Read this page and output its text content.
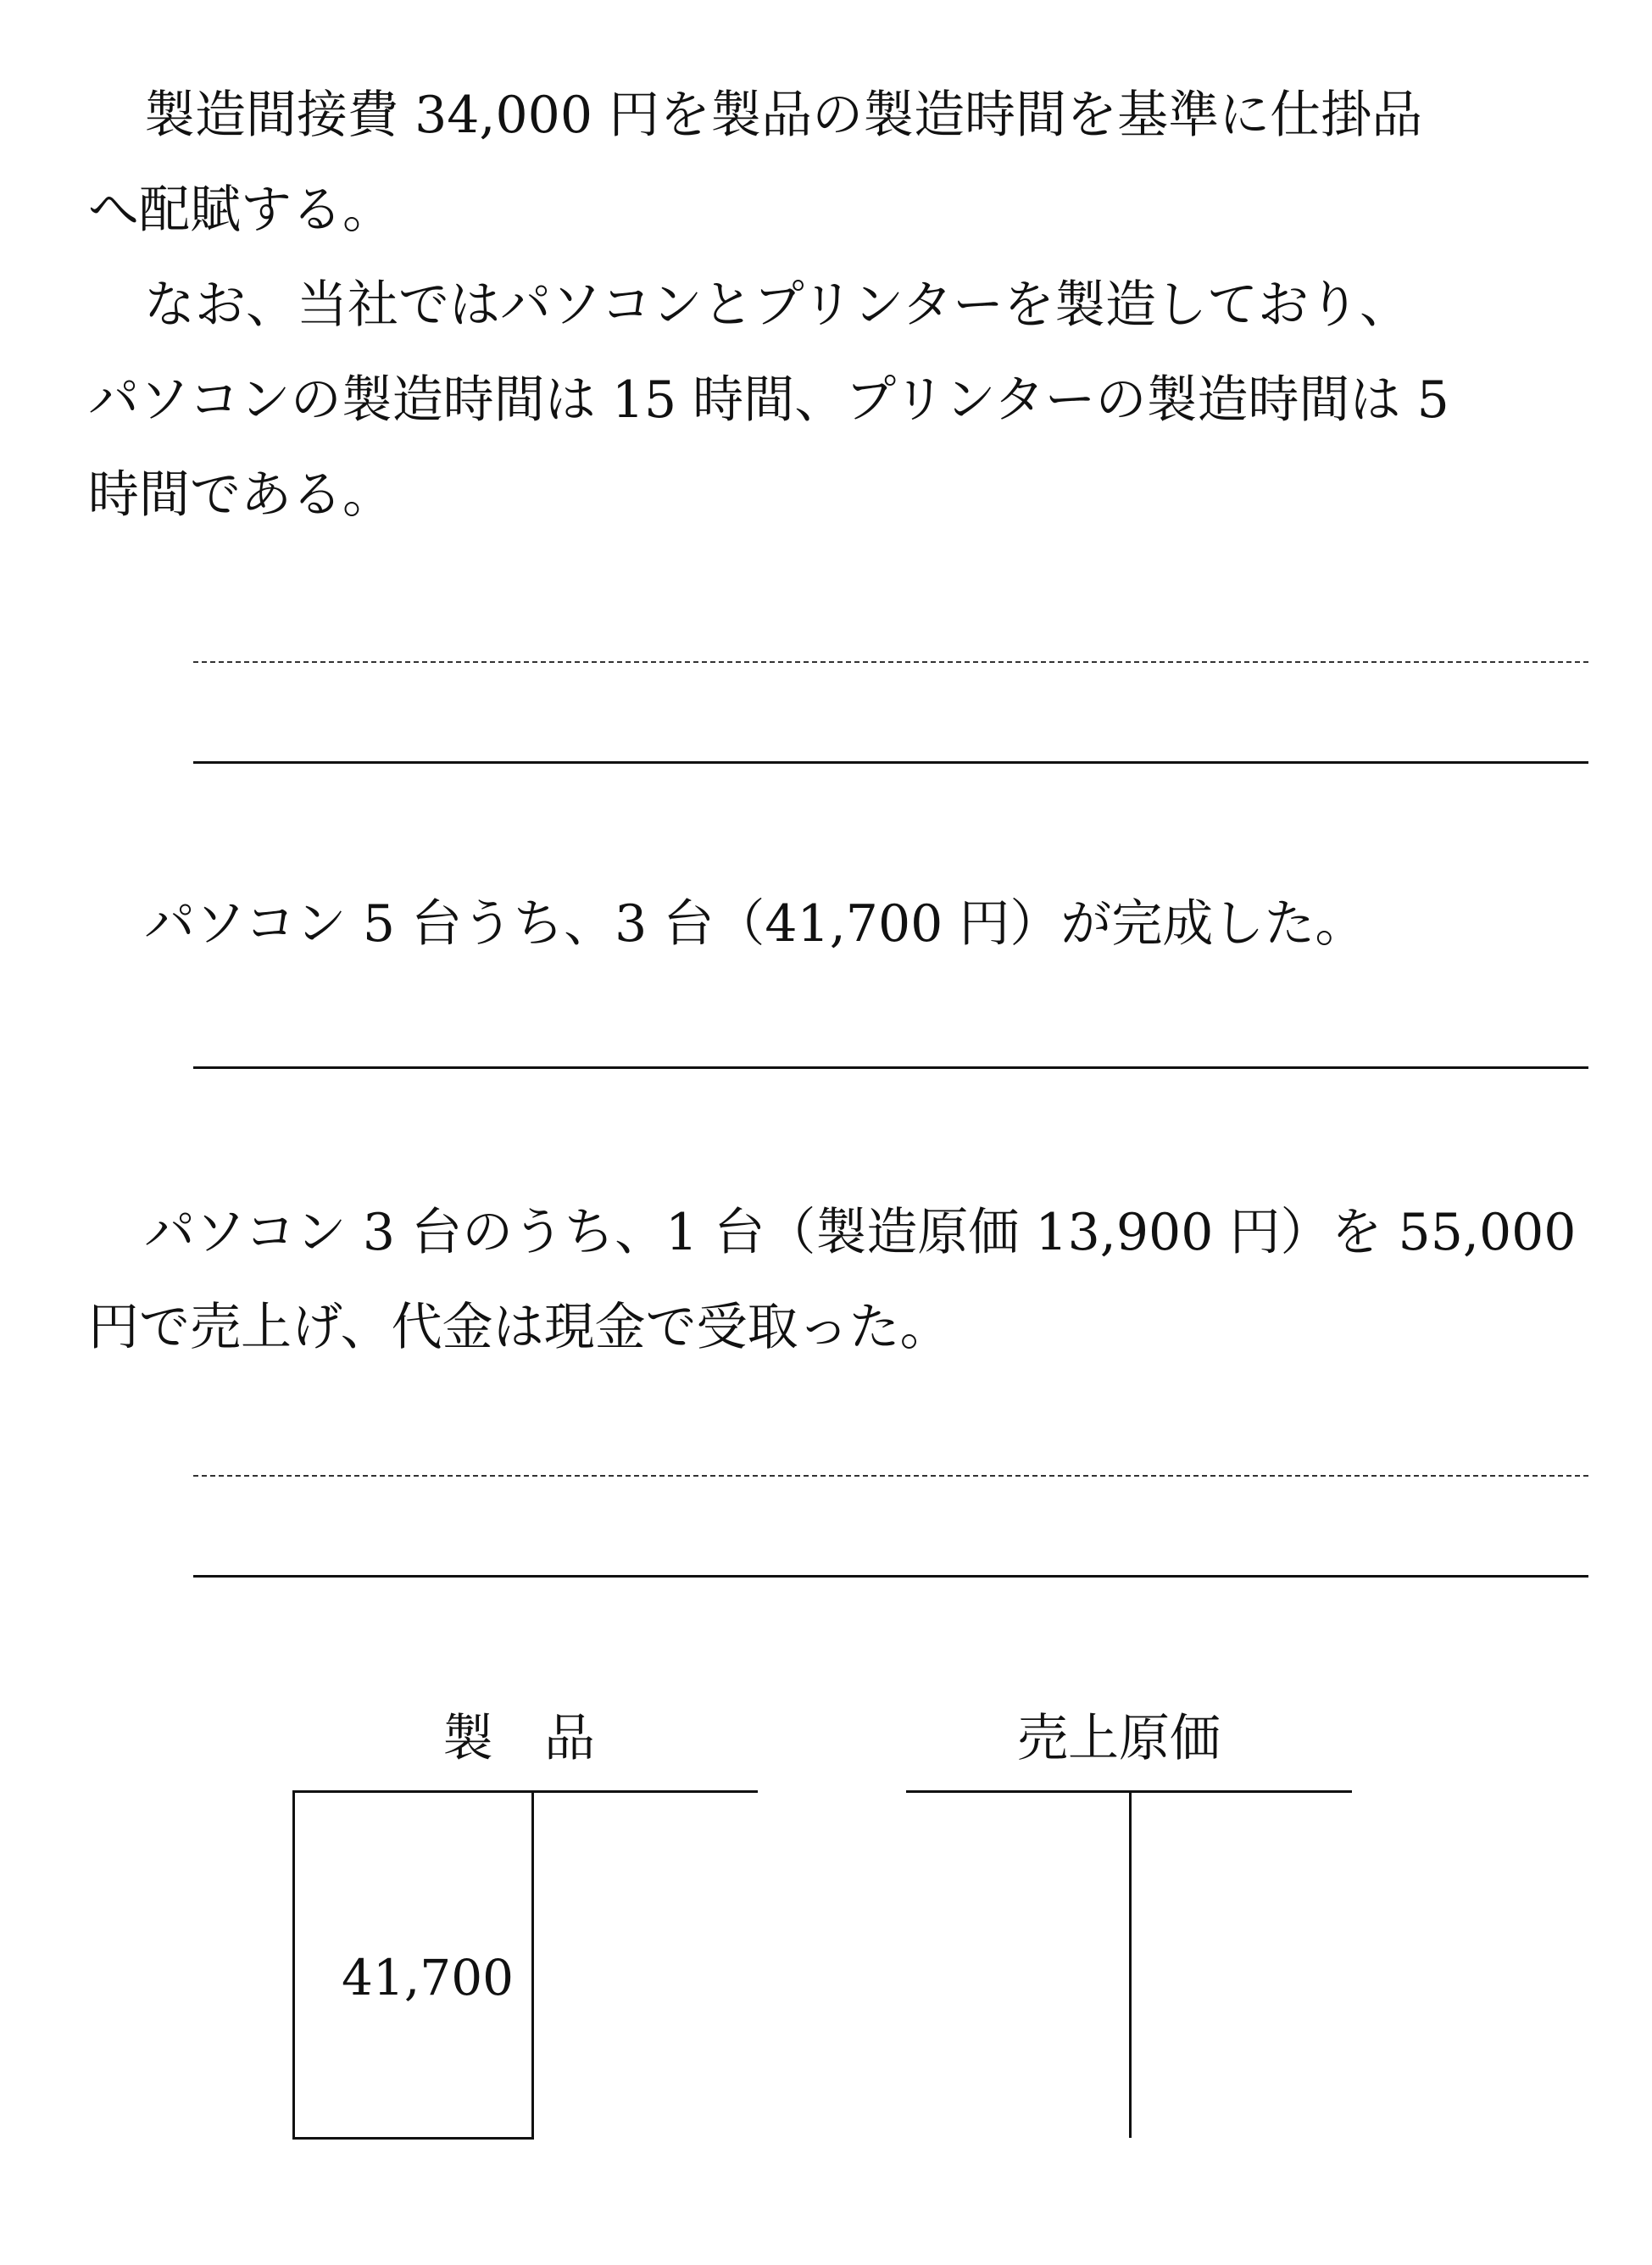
製造間接費 34,000 円を製品の製造時間を基準に仕掛品
へ配賦する。
なお、当社ではパソコンとプリンターを製造しており、
パソコンの製造時間は 15 時間、プリンターの製造時間は 5
時間である。
パソコン 5 台うち、3 台（41,700 円）が完成した。
パソコン 3 台のうち、1 台（製造原価 13,900 円）を 55,000
円で売上げ、代金は現金で受取った。
製　品
41,700
売上原価
